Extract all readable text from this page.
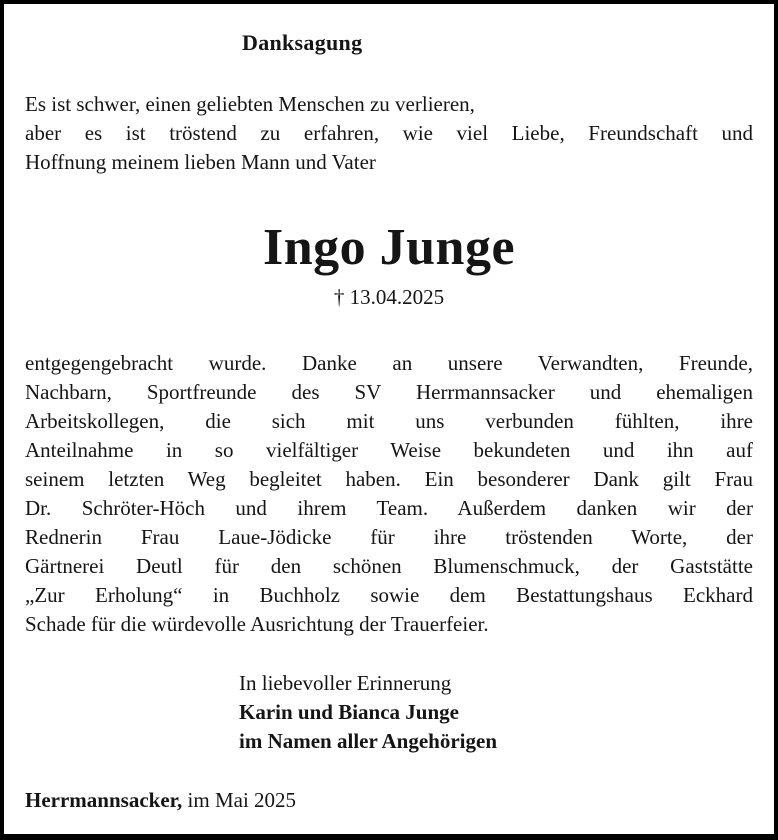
Danksagung
Es ist schwer, einen geliebten Menschen zu verlieren,
aber es ist tröstend zu erfahren, wie viel Liebe, Freundschaft und
Hoffnung meinem lieben Mann und Vater
Ingo Junge
† 13.04.2025
entgegengebracht wurde. Danke an unsere Verwandten, Freunde,
Nachbarn, Sportfreunde des SV Herrmannsacker und ehemaligen
Arbeitskollegen, die sich mit uns verbunden fühlten, ihre
Anteilnahme in so vielfältiger Weise bekundeten und ihn auf
seinem letzten Weg begleitet haben. Ein besonderer Dank gilt Frau
Dr. Schröter-Höch und ihrem Team. Außerdem danken wir der
Rednerin Frau Laue-Jödicke für ihre tröstenden Worte, der
Gärtnerei Deutl für den schönen Blumenschmuck, der Gaststätte
„Zur Erholung“ in Buchholz sowie dem Bestattungshaus Eckhard
Schade für die würdevolle Ausrichtung der Trauerfeier.
In liebevoller Erinnerung
Karin und Bianca Junge
im Namen aller Angehörigen
Herrmannsacker, im Mai 2025
